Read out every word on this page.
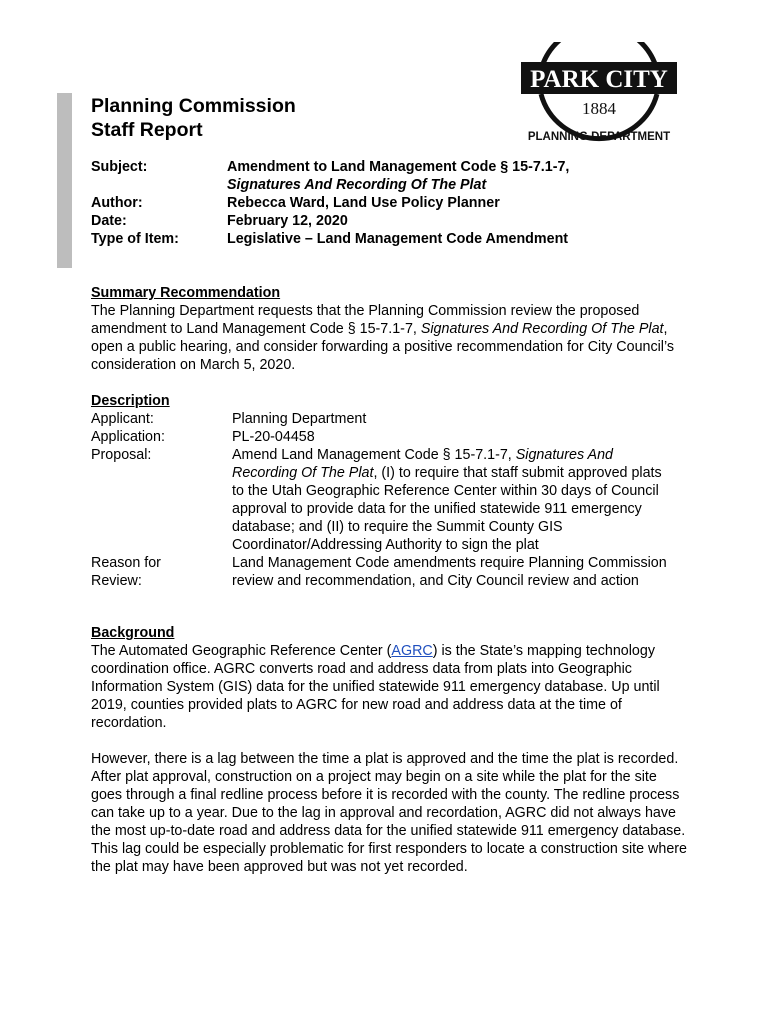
Planning Commission
Staff Report
PARK CITY
1884
PLANNING DEPARTMENT
Subject:	Amendment to Land Management Code § 15-7.1-7,
Signatures And Recording Of The Plat
Author:	Rebecca Ward, Land Use Policy Planner
Date:	February 12, 2020
Type of Item:	Legislative – Land Management Code Amendment
Summary Recommendation

The Planning Department requests that the Planning Commission review the proposed amendment to Land Management Code § 15-7.1-7, Signatures And Recording Of The Plat, open a public hearing, and consider forwarding a positive recommendation for City Council’s consideration on March 5, 2020.

Description
Applicant:	Planning Department
Application:	PL-20-04458
Proposal:	Amend Land Management Code § 15-7.1-7, Signatures And Recording Of The Plat, (I) to require that staff submit approved plats to the Utah Geographic Reference Center within 30 days of Council approval to provide data for the unified statewide 911 emergency database; and (II) to require the Summit County GIS Coordinator/Addressing Authority to sign the plat
Reason for
Review:
Land Management Code amendments require Planning Commission review and recommendation, and City Council review and action
Background

The Automated Geographic Reference Center (AGRC) is the State’s mapping technology coordination office. AGRC converts road and address data from plats into Geographic Information System (GIS) data for the unified statewide 911 emergency database. Up until 2019, counties provided plats to AGRC for new road and address data at the time of recordation.

However, there is a lag between the time a plat is approved and the time the plat is recorded. After plat approval, construction on a project may begin on a site while the plat for the site goes through a final redline process before it is recorded with the county. The redline process can take up to a year. Due to the lag in approval and recordation, AGRC did not always have the most up-to-date road and address data for the unified statewide 911 emergency database. This lag could be especially problematic for first responders to locate a construction site where the plat may have been approved but was not yet recorded.
